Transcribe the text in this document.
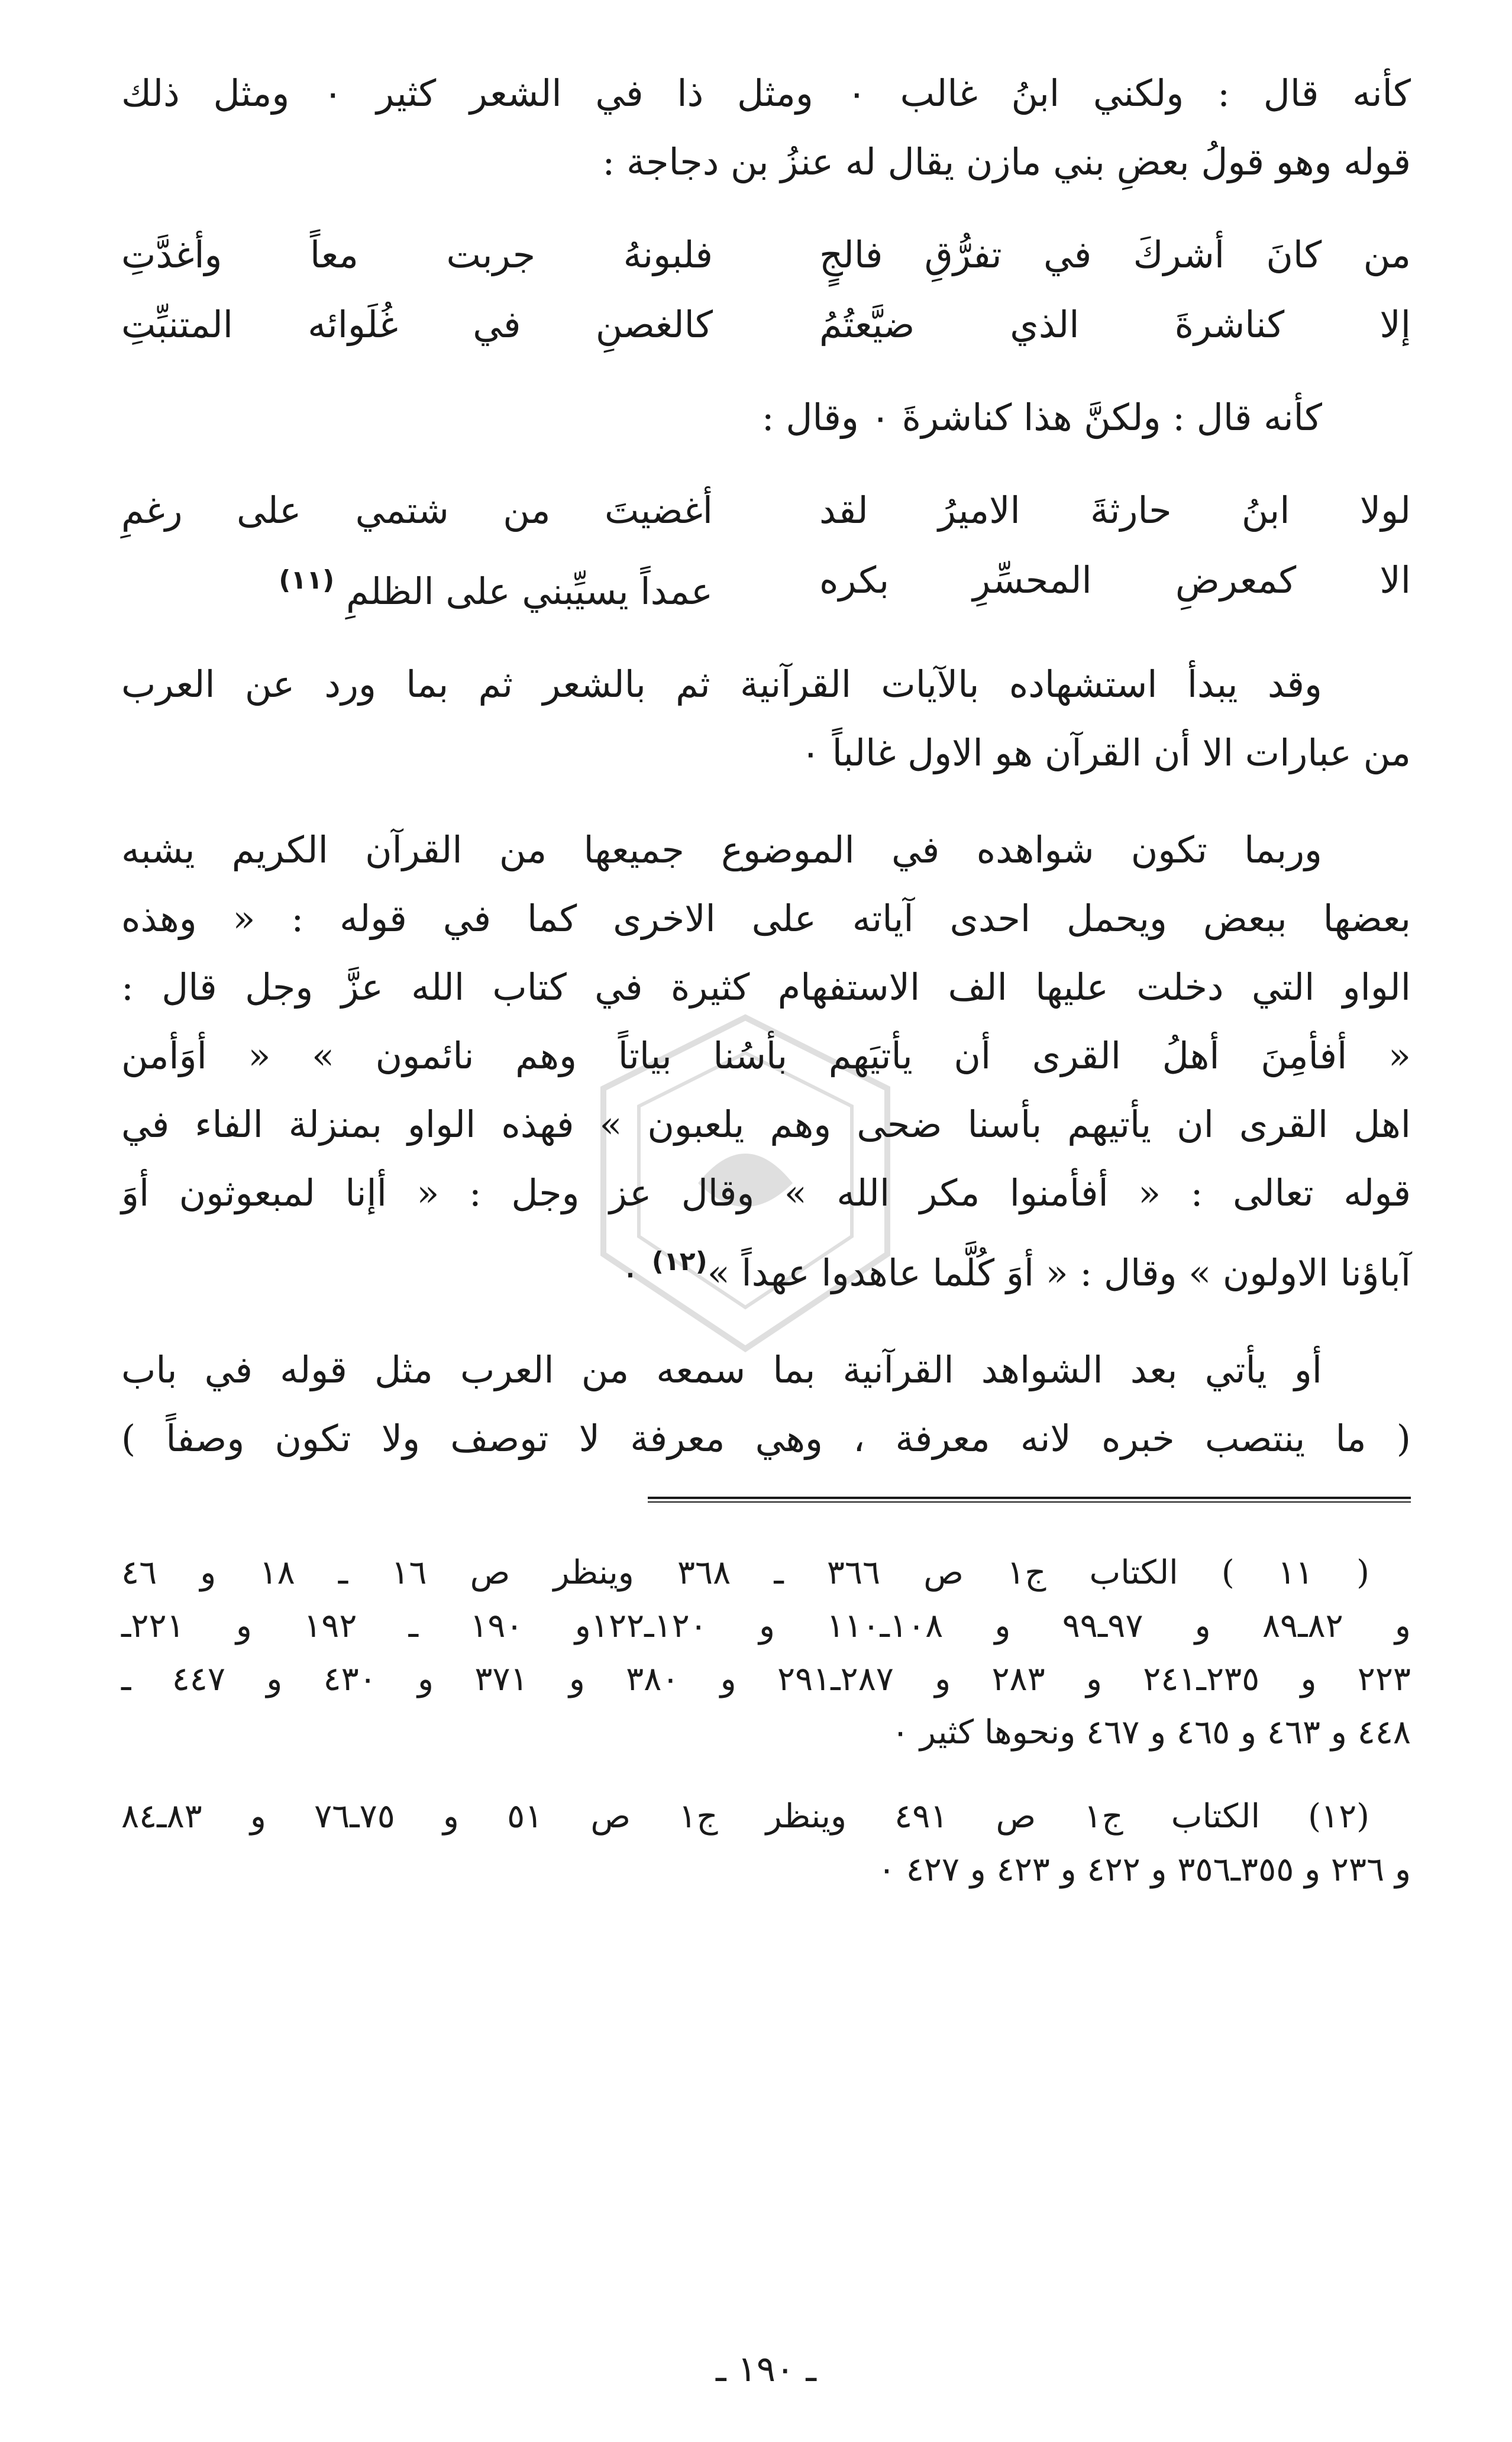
كأنه قال : ولكني ابنُ غالب ٠ ومثل ذا في الشعر كثير ٠ ومثل ذلك
قوله وهو قولُ بعضِ بني مازن يقال له عنزُ بن دجاجة :
من كانَ أشركَ في تفرُّقِ فالجٍ
فلبونهُ جربت معاً وأغدَّتِ
إلا كناشرةَ الذي ضيَّعتُمُ
كالغصنِ في غُلَوائه المتنبِّتِ
كأنه قال : ولكنَّ هذا كناشرةَ ٠ وقال :
لولا ابنُ حارثةَ الاميرُ لقد
أغضيتَ من شتمي على رغمِ
الا كمعرضِ المحسِّرِ بكره
عمداً يسيِّبني على الظلمِ $^{(١١)}$
وقد يبدأ استشهاده بالآيات القرآنية ثم بالشعر ثم بما ورد عن العرب
من عبارات الا أن القرآن هو الاول غالباً ٠
وربما تكون شواهده في الموضوع جميعها من القرآن الكريم يشبه
بعضها ببعض ويحمل احدى آياته على الاخرى كما في قوله : « وهذه
الواو التي دخلت عليها الف الاستفهام كثيرة في كتاب الله عزَّ وجل قال :
« أفأمِنَ أهلُ القرى أن يأتيَهم بأسُنا بياتاً وهم نائمون » « أوَأمن
اهل القرى ان يأتيهم بأسنا ضحى وهم يلعبون » فهذه الواو بمنزلة الفاء في
قوله تعالى : « أفأمنوا مكر الله » وقال عز وجل : « أإنا لمبعوثون أوَ
آباؤنا الاولون » وقال : « أوَ كُلَّما عاهدوا عهداً »$^{(١٢)}$ ٠
أو يأتي بعد الشواهد القرآنية بما سمعه من العرب مثل قوله في باب
( ما ينتصب خبره لانه معرفة ، وهي معرفة لا توصف ولا تكون وصفاً )
( ١١ ) الكتاب ج١ ص ٣٦٦ ـ ٣٦٨ وينظر ص ١٦ ـ ١٨ و ٤٦
و ٨٢ـ٨٩ و ٩٧ـ٩٩ و ١٠٨ـ١١٠ و ١٢٠ـ١٢٢و ١٩٠ ـ ١٩٢ و ٢٢١ـ
٢٢٣ و ٢٣٥ـ٢٤١ و ٢٨٣ و ٢٨٧ـ٢٩١ و ٣٨٠ و ٣٧١ و ٤٣٠ و ٤٤٧ ـ
٤٤٨ و ٤٦٣ و ٤٦٥ و ٤٦٧ ونحوها كثير ٠
(١٢) الكتاب ج١ ص ٤٩١ وينظر ج١ ص ٥١ و ٧٥ـ٧٦ و ٨٣ـ٨٤
و ٢٣٦ و ٣٥٥ـ٣٥٦ و ٤٢٢ و ٤٢٣ و ٤٢٧ ٠
ـ ١٩٠ ـ
